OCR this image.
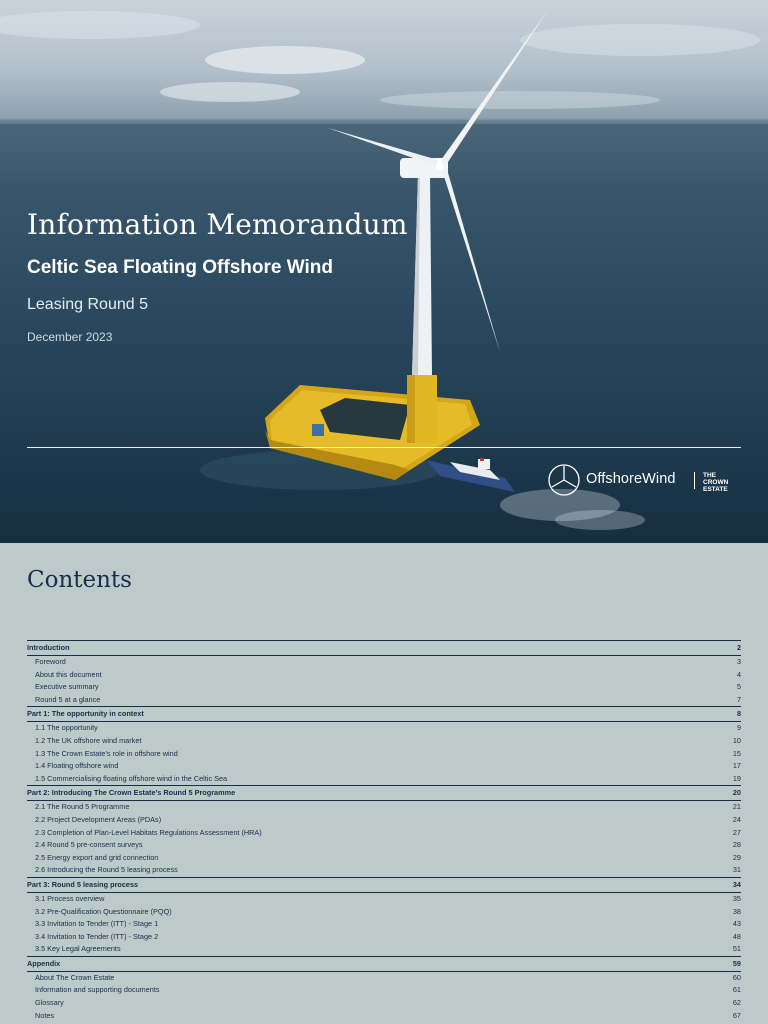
Information Memorandum
Celtic Sea Floating Offshore Wind
Leasing Round 5
December 2023
OffshoreWind	THE CROWN
ESTATE
Contents
Introduction	2
Foreword	3
About this document	4
Executive summary	5
Round 5 at a glance	7
Part 1: The opportunity in context	8
1.1 The opportunity	9
1.2 The UK offshore wind market	10
1.3 The Crown Estate’s role in offshore wind	15
1.4 Floating offshore wind	17
1.5 Commercialising floating offshore wind in the Celtic Sea	19
Part 2: Introducing The Crown Estate’s Round 5 Programme	20
2.1 The Round 5 Programme	21
2.2 Project Development Areas (PDAs)	24
2.3 Completion of Plan-Level Habitats Regulations Assessment (HRA)	27
2.4 Round 5 pre-consent surveys	28
2.5 Energy export and grid connection	29
2.6 Introducing the Round 5 leasing process	31
Part 3: Round 5 leasing process	34
3.1 Process overview	35
3.2 Pre-Qualification Questionnaire (PQQ)	38
3.3 Invitation to Tender (ITT) - Stage 1	43
3.4 Invitation to Tender (ITT) - Stage 2	48
3.5 Key Legal Agreements	51
Appendix	59
About The Crown Estate	60
Information and supporting documents	61
Glossary	62
Notes	67
